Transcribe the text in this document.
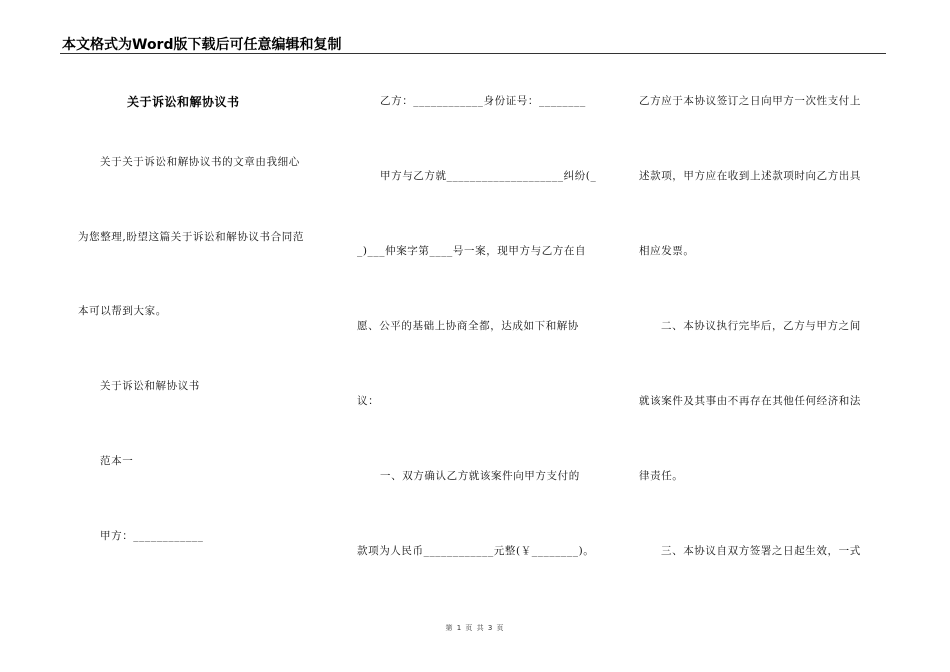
本文格式为Word版下载后可任意编辑和复制
关于诉讼和解协议书
关于关于诉讼和解协议书的文章由我细心
为您整理,盼望这篇关于诉讼和解协议书合同范
本可以帮到大家。
关于诉讼和解协议书
范本一
甲方：____________
乙方：____________身份证号：________
甲方与乙方就____________________纠纷(_
_)___仲案字第____号一案，现甲方与乙方在自
愿、公平的基础上协商全都，达成如下和解协
议：
一、双方确认乙方就该案件向甲方支付的
款项为人民币____________元整(￥________)。
乙方应于本协议签订之日向甲方一次性支付上
述款项，甲方应在收到上述款项时向乙方出具
相应发票。
二、本协议执行完毕后，乙方与甲方之间
就该案件及其事由不再存在其他任何经济和法
律责任。
三、本协议自双方签署之日起生效，一式
第 1 页 共 3 页
